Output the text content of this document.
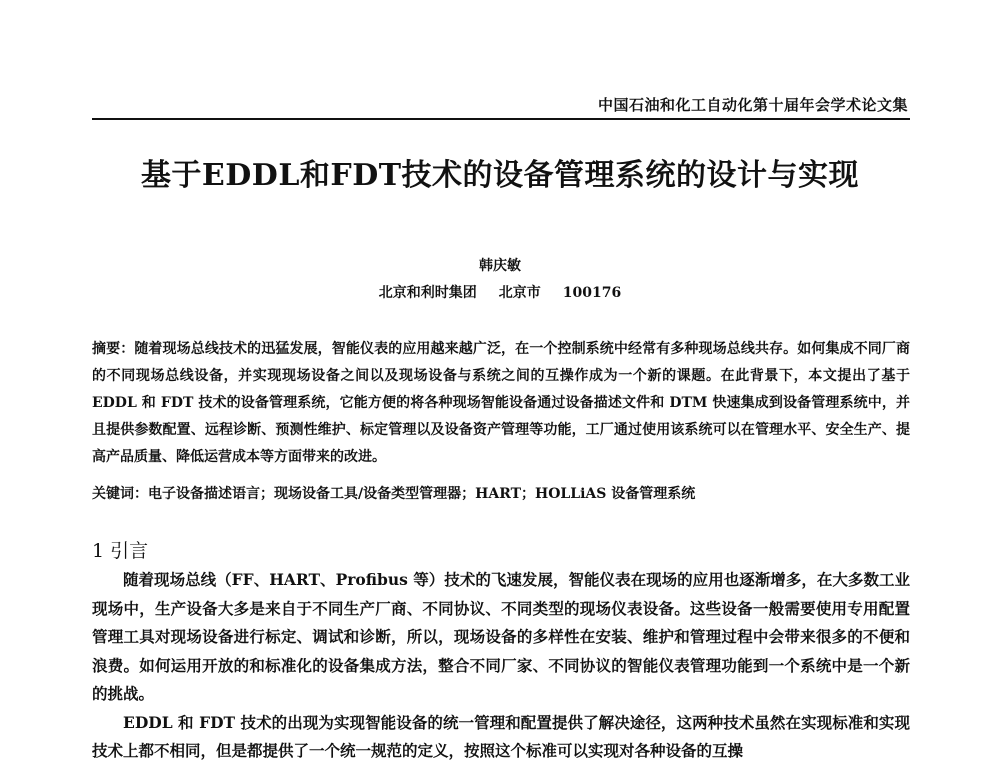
中国石油和化工自动化第十届年会学术论文集
基于EDDL和FDT技术的设备管理系统的设计与实现
韩庆敏
北京和利时集团 北京市 100176
摘要：随着现场总线技术的迅猛发展，智能仪表的应用越来越广泛，在一个控制系统中经常有多种现场总线共存。如何集成不同厂商的不同现场总线设备，并实现现场设备之间以及现场设备与系统之间的互操作成为一个新的课题。在此背景下，本文提出了基于 EDDL 和 FDT 技术的设备管理系统，它能方便的将各种现场智能设备通过设备描述文件和 DTM 快速集成到设备管理系统中，并且提供参数配置、远程诊断、预测性维护、标定管理以及设备资产管理等功能，工厂通过使用该系统可以在管理水平、安全生产、提高产品质量、降低运营成本等方面带来的改进。
关键词：电子设备描述语言；现场设备工具/设备类型管理器；HART；HOLLiAS 设备管理系统
1 引言

随着现场总线（FF、HART、Profibus 等）技术的飞速发展，智能仪表在现场的应用也逐渐增多，在大多数工业现场中，生产设备大多是来自于不同生产厂商、不同协议、不同类型的现场仪表设备。这些设备一般需要使用专用配置管理工具对现场设备进行标定、调试和诊断，所以，现场设备的多样性在安装、维护和管理过程中会带来很多的不便和浪费。如何运用开放的和标准化的设备集成方法，整合不同厂家、不同协议的智能仪表管理功能到一个系统中是一个新的挑战。

EDDL 和 FDT 技术的出现为实现智能设备的统一管理和配置提供了解决途径，这两种技术虽然在实现标准和实现技术上都不相同，但是都提供了一个统一规范的定义，按照这个标准可以实现对各种设备的互操
